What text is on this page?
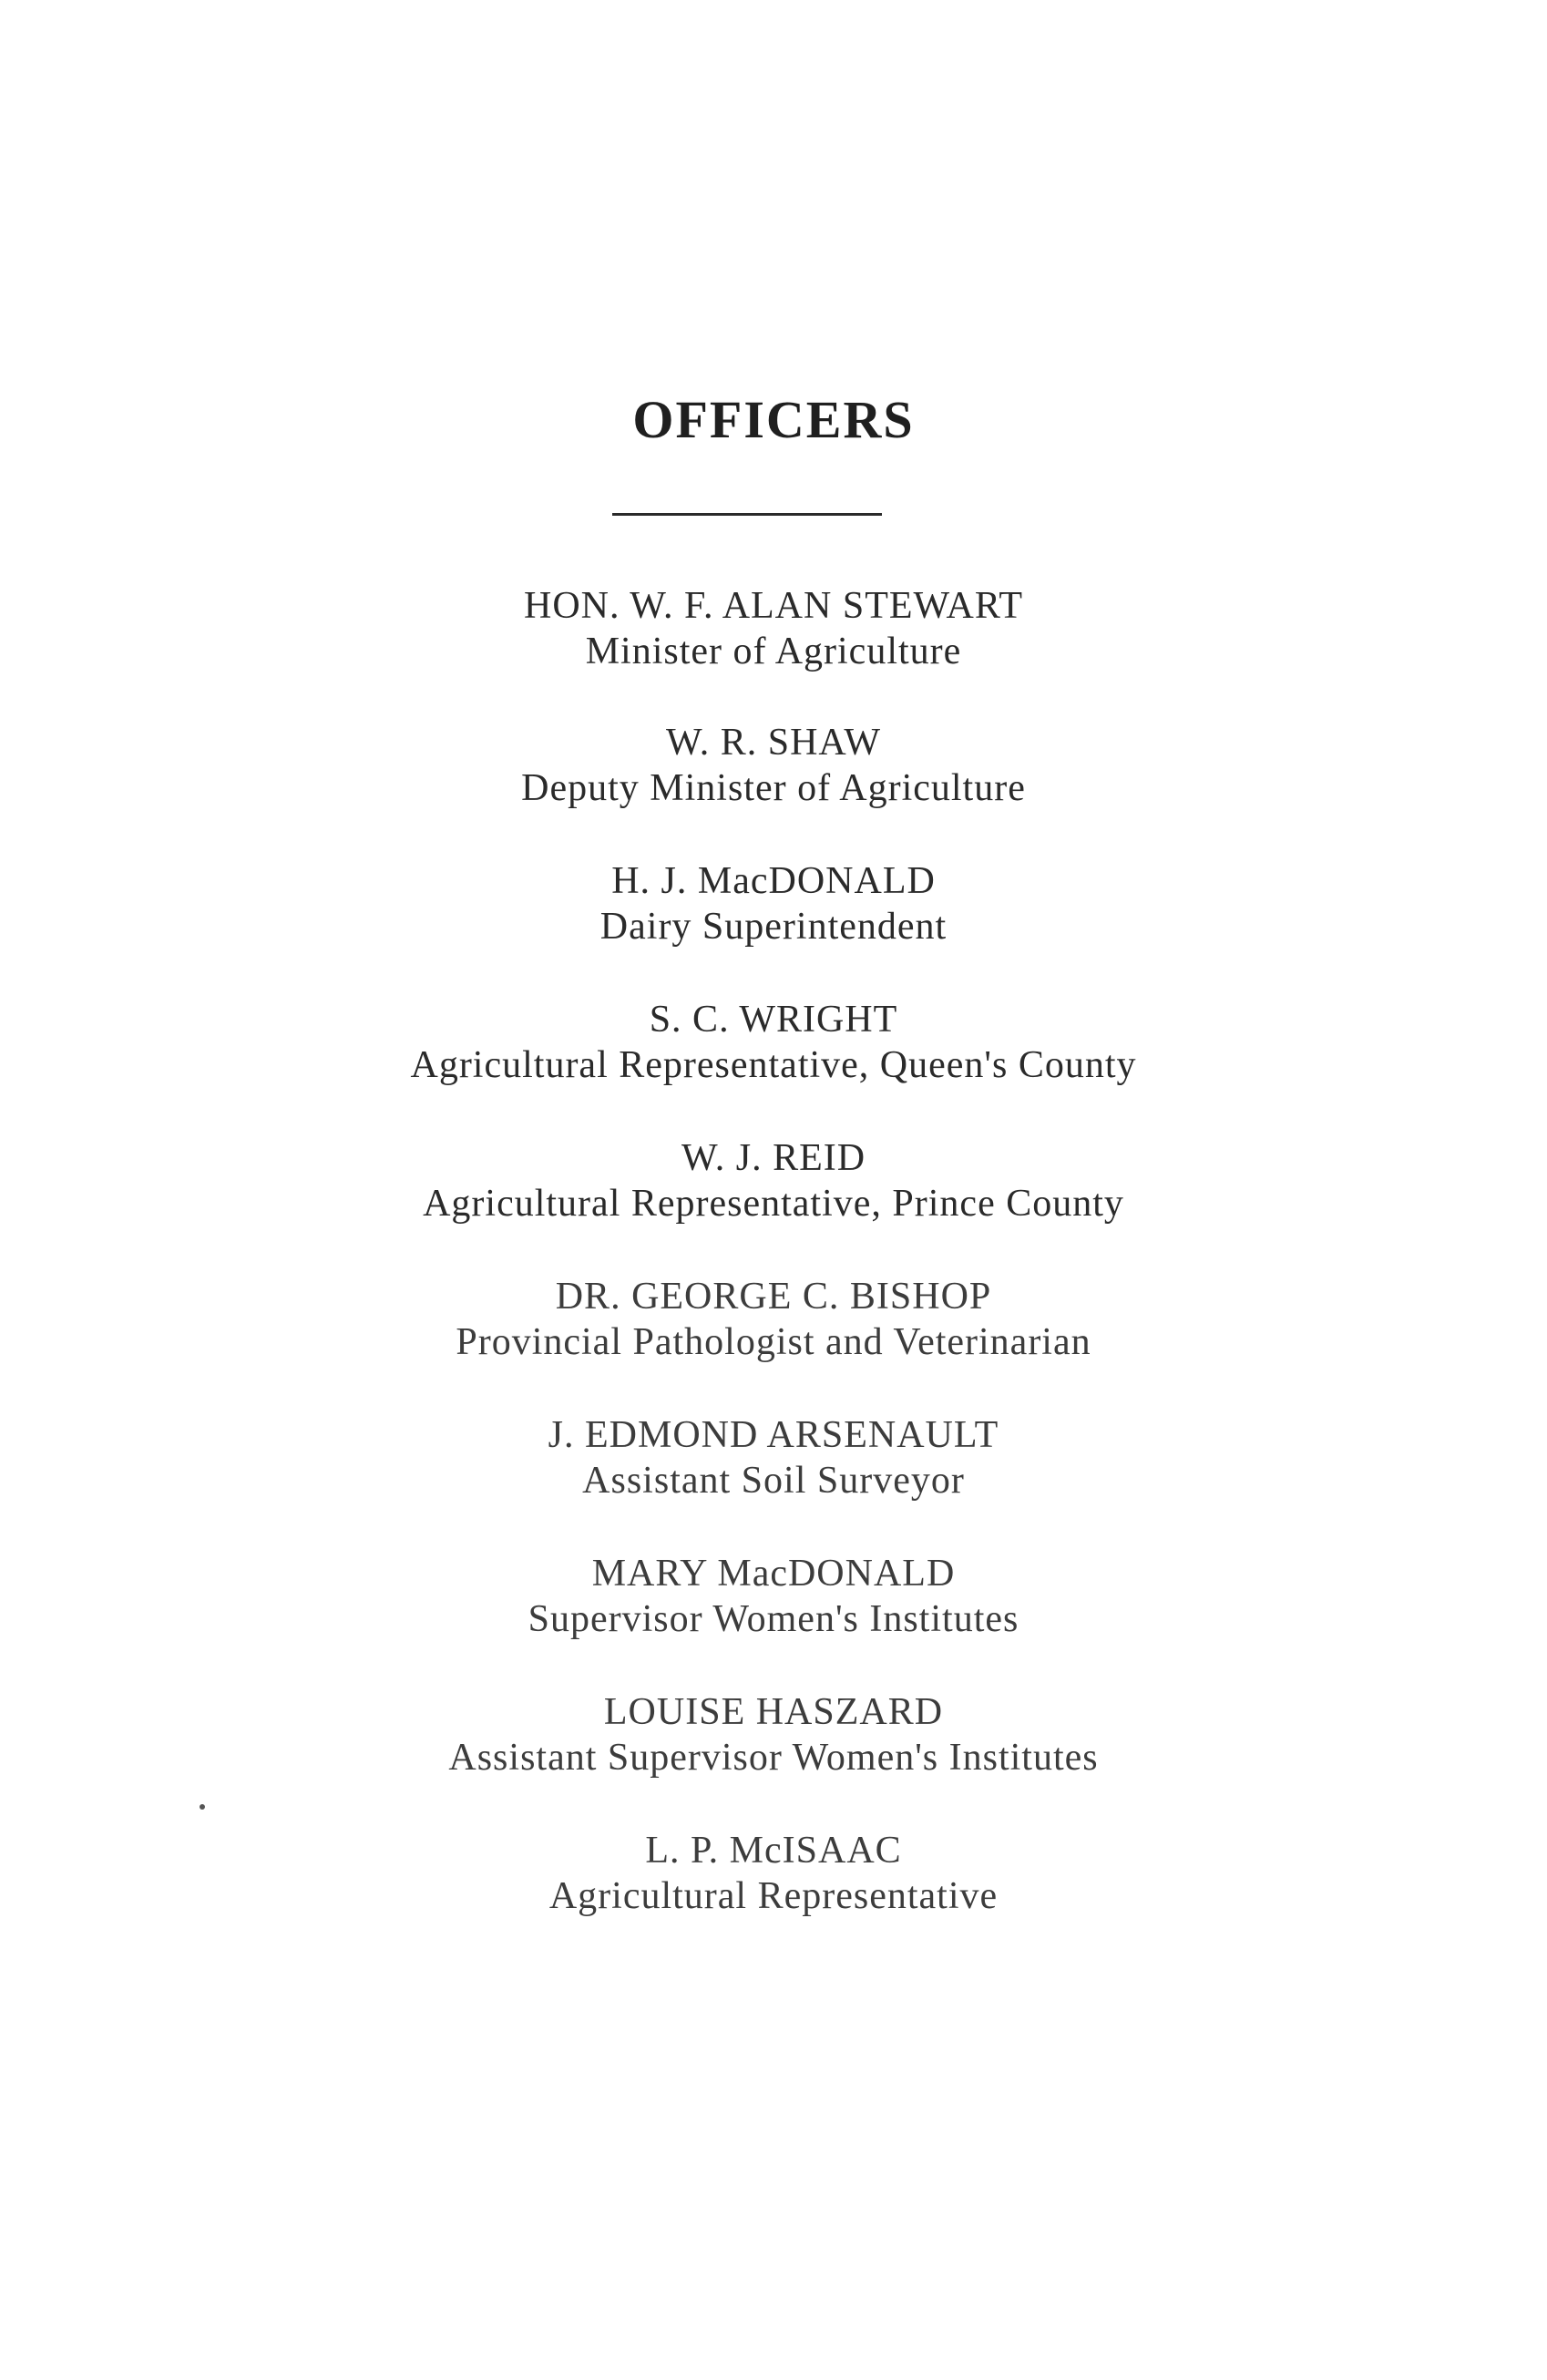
OFFICERS
HON. W. F. ALAN STEWART
Minister of Agriculture
W. R. SHAW
Deputy Minister of Agriculture
H. J. MacDONALD
Dairy Superintendent
S. C. WRIGHT
Agricultural Representative, Queen's County
W. J. REID
Agricultural Representative, Prince County
DR. GEORGE C. BISHOP
Provincial Pathologist and Veterinarian
J. EDMOND ARSENAULT
Assistant Soil Surveyor
MARY MacDONALD
Supervisor Women's Institutes
LOUISE HASZARD
Assistant Supervisor Women's Institutes
L. P. McISAAC
Agricultural Representative
